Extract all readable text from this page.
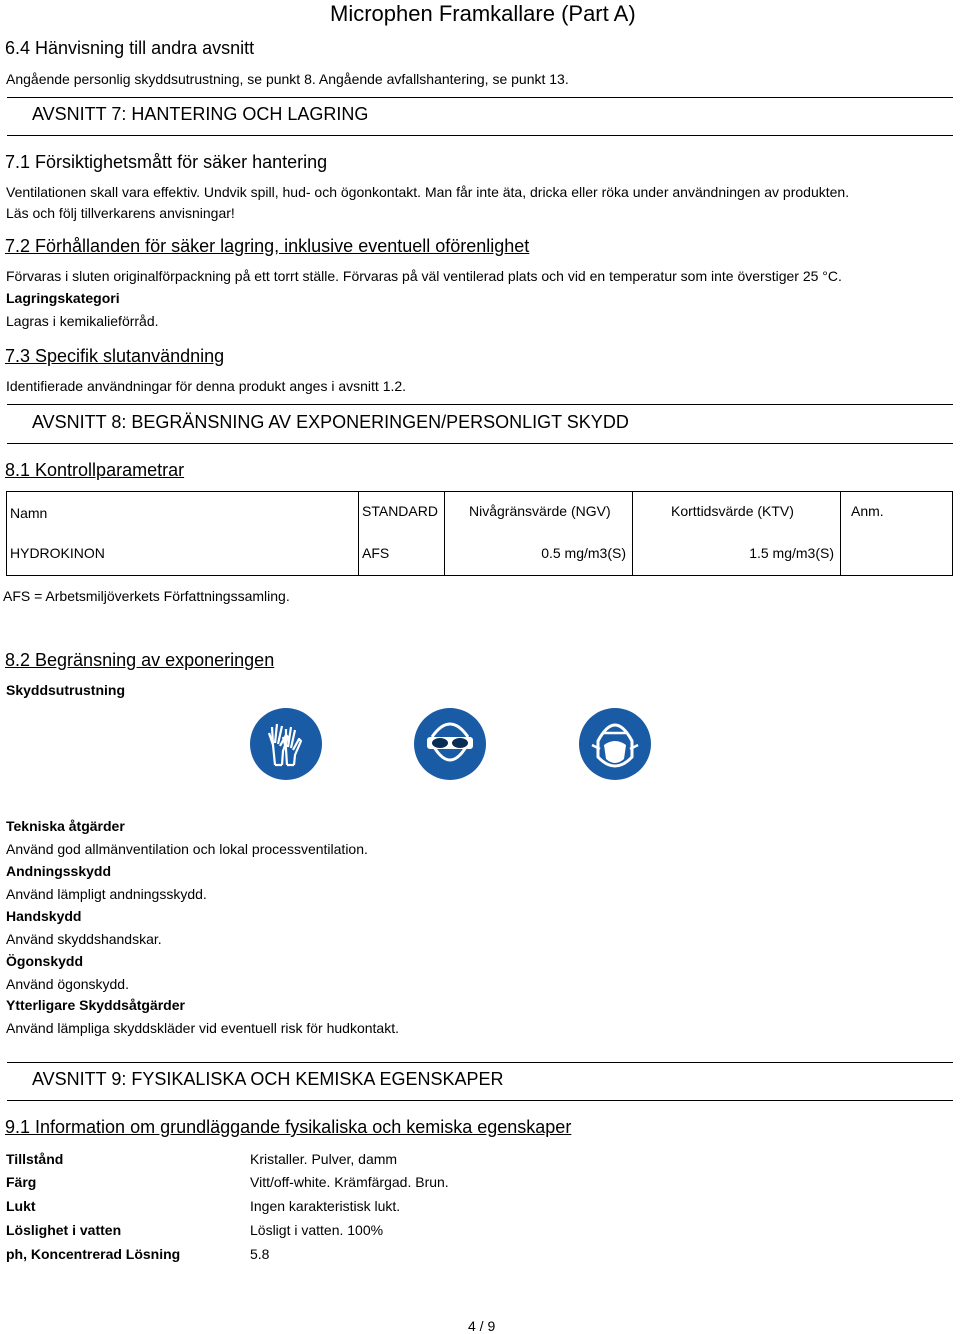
Microphen Framkallare (Part A)
6.4 Hänvisning till andra avsnitt
Angående personlig skyddsutrustning, se punkt 8. Angående avfallshantering, se punkt 13.
AVSNITT 7: HANTERING OCH LAGRING
7.1 Försiktighetsmått för säker hantering
Ventilationen skall vara effektiv. Undvik spill, hud- och ögonkontakt. Man får inte äta, dricka eller röka under användningen av produkten.
Läs och följ tillverkarens anvisningar!
7.2 Förhållanden för säker lagring, inklusive eventuell oförenlighet
Förvaras i sluten originalförpackning på ett torrt ställe. Förvaras på väl ventilerad plats och vid en temperatur som inte överstiger 25 °C.
Lagringskategori
Lagras i kemikalieförråd.
7.3 Specifik slutanvändning
Identifierade användningar för denna produkt anges i avsnitt 1.2.
AVSNITT 8: BEGRÄNSNING AV EXPONERINGEN/PERSONLIGT SKYDD
8.1 Kontrollparametrar
Namn	STANDARD	Nivågränsvärde (NGV)	Korttidsvärde (KTV)	Anm.
HYDROKINON	AFS	0.5 mg/m3(S)	1.5 mg/m3(S)	
AFS = Arbetsmiljöverkets Författningssamling.
8.2 Begränsning av exponeringen
Skyddsutrustning
Tekniska åtgärder
Använd god allmänventilation och lokal processventilation.
Andningsskydd
Använd lämpligt andningsskydd.
Handskydd
Använd skyddshandskar.
Ögonskydd
Använd ögonskydd.
Ytterligare Skyddsåtgärder
Använd lämpliga skyddskläder vid eventuell risk för hudkontakt.
AVSNITT 9: FYSIKALISKA OCH KEMISKA EGENSKAPER
9.1 Information om grundläggande fysikaliska och kemiska egenskaper
Tillstånd	Kristaller. Pulver, damm
Färg	Vitt/off-white. Krämfärgad. Brun.
Lukt	Ingen karakteristisk lukt.
Löslighet i vatten	Lösligt i vatten. 100%
ph, Koncentrerad Lösning	5.8
4 / 9
